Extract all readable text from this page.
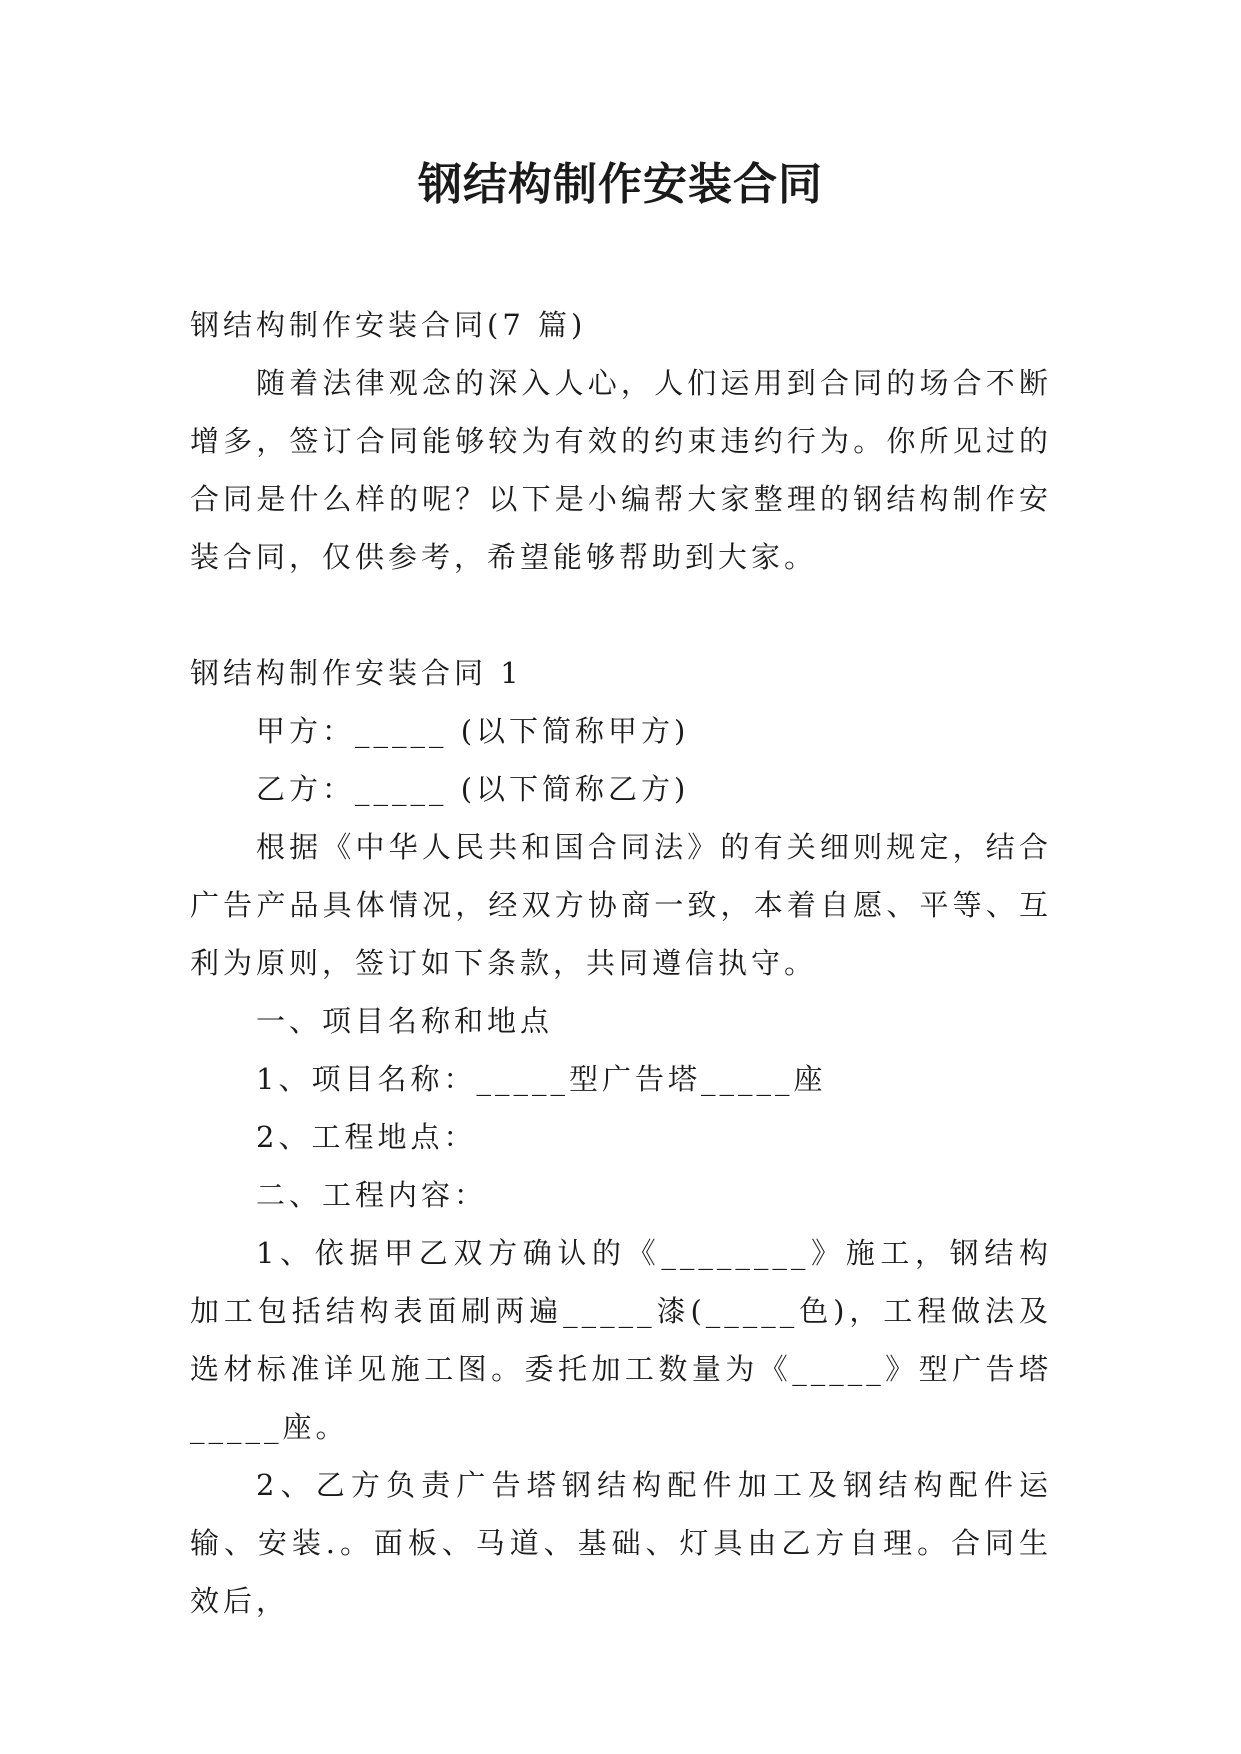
钢结构制作安装合同

钢结构制作安装合同(7 篇)

随着法律观念的深入人心，人们运用到合同的场合不断增多，签订合同能够较为有效的约束违约行为。你所见过的合同是什么样的呢？以下是小编帮大家整理的钢结构制作安装合同，仅供参考，希望能够帮助到大家。

钢结构制作安装合同 1

甲方：_____ (以下简称甲方)

乙方：_____ (以下简称乙方)

根据《中华人民共和国合同法》的有关细则规定，结合广告产品具体情况，经双方协商一致，本着自愿、平等、互利为原则，签订如下条款，共同遵信执守。

一、项目名称和地点

1、项目名称：_____型广告塔_____座

2、工程地点：

二、工程内容：

1、依据甲乙双方确认的《________》施工，钢结构加工包括结构表面刷两遍_____漆(_____色)，工程做法及选材标准详见施工图。委托加工数量为《_____》型广告塔_____座。

2、乙方负责广告塔钢结构配件加工及钢结构配件运输、安装.。面板、马道、基础、灯具由乙方自理。合同生效后，
